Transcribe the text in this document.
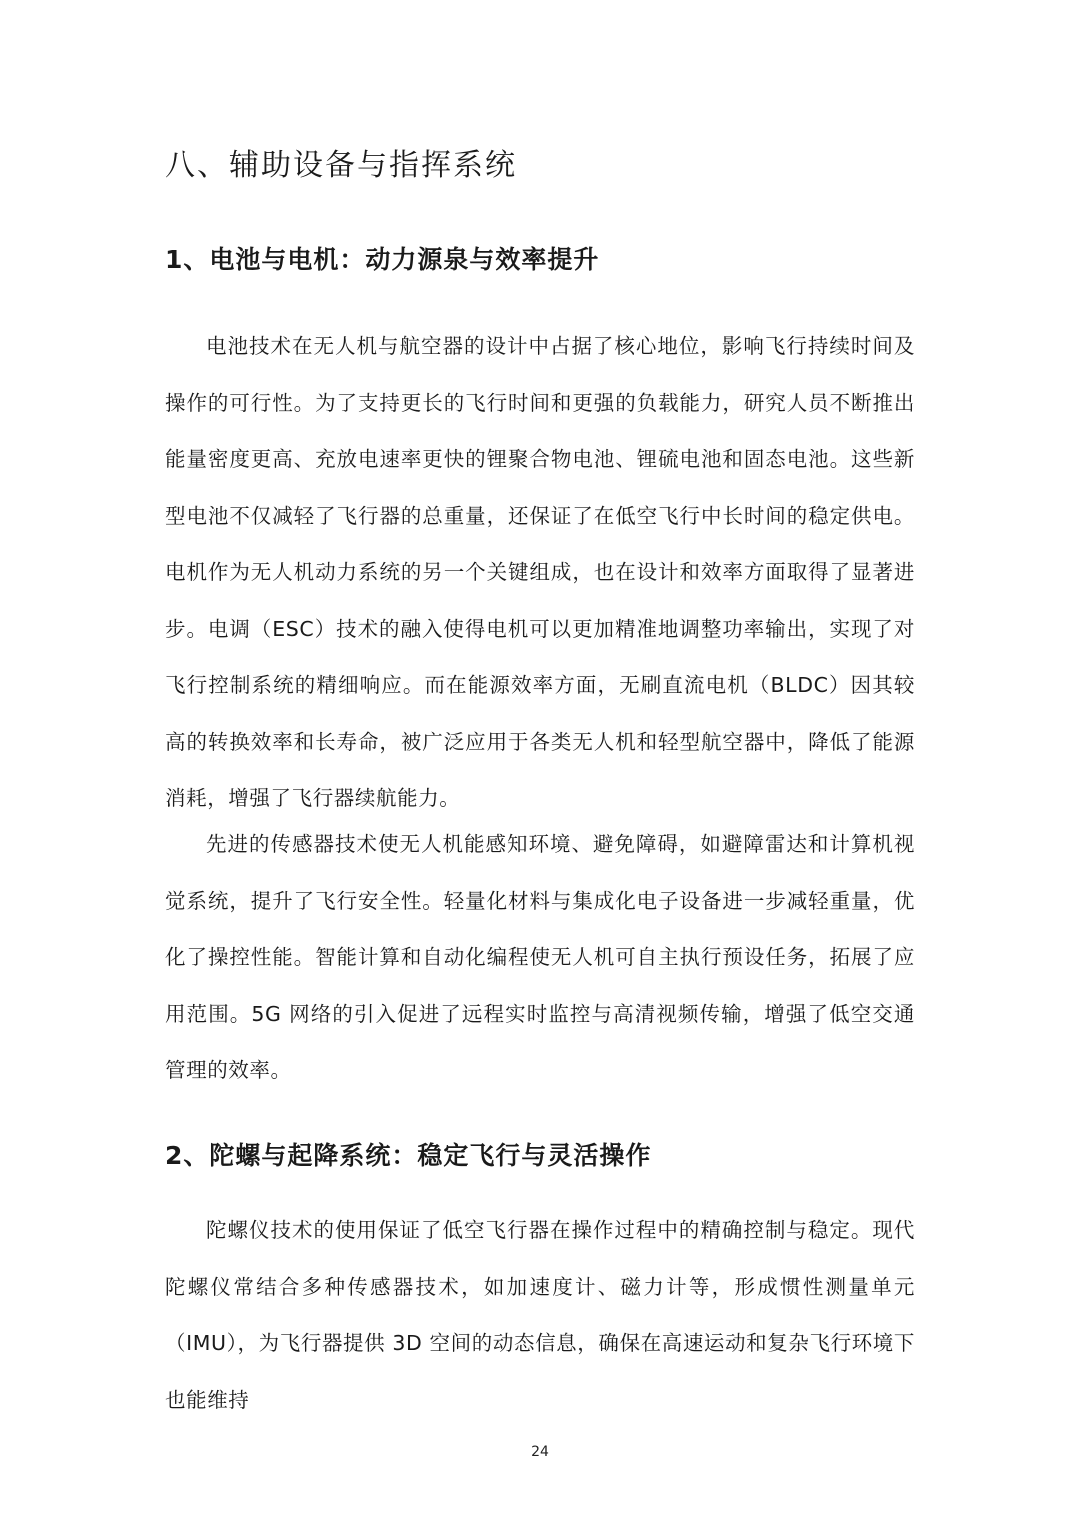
八、辅助设备与指挥系统
1、电池与电机：动力源泉与效率提升

电池技术在无人机与航空器的设计中占据了核心地位，影响飞行持续时间及操作的可行性。为了支持更长的飞行时间和更强的负载能力，研究人员不断推出能量密度更高、充放电速率更快的锂聚合物电池、锂硫电池和固态电池。这些新型电池不仅减轻了飞行器的总重量，还保证了在低空飞行中长时间的稳定供电。电机作为无人机动力系统的另一个关键组成，也在设计和效率方面取得了显著进步。电调（ESC）技术的融入使得电机可以更加精准地调整功率输出，实现了对飞行控制系统的精细响应。而在能源效率方面，无刷直流电机（BLDC）因其较高的转换效率和长寿命，被广泛应用于各类无人机和轻型航空器中，降低了能源消耗，增强了飞行器续航能力。

先进的传感器技术使无人机能感知环境、避免障碍，如避障雷达和计算机视觉系统，提升了飞行安全性。轻量化材料与集成化电子设备进一步减轻重量，优化了操控性能。智能计算和自动化编程使无人机可自主执行预设任务，拓展了应用范围。5G 网络的引入促进了远程实时监控与高清视频传输，增强了低空交通管理的效率。

2、陀螺与起降系统：稳定飞行与灵活操作

陀螺仪技术的使用保证了低空飞行器在操作过程中的精确控制与稳定。现代陀螺仪常结合多种传感器技术，如加速度计、磁力计等，形成惯性测量单元（IMU），为飞行器提供 3D 空间的动态信息，确保在高速运动和复杂飞行环境下也能维持

24
